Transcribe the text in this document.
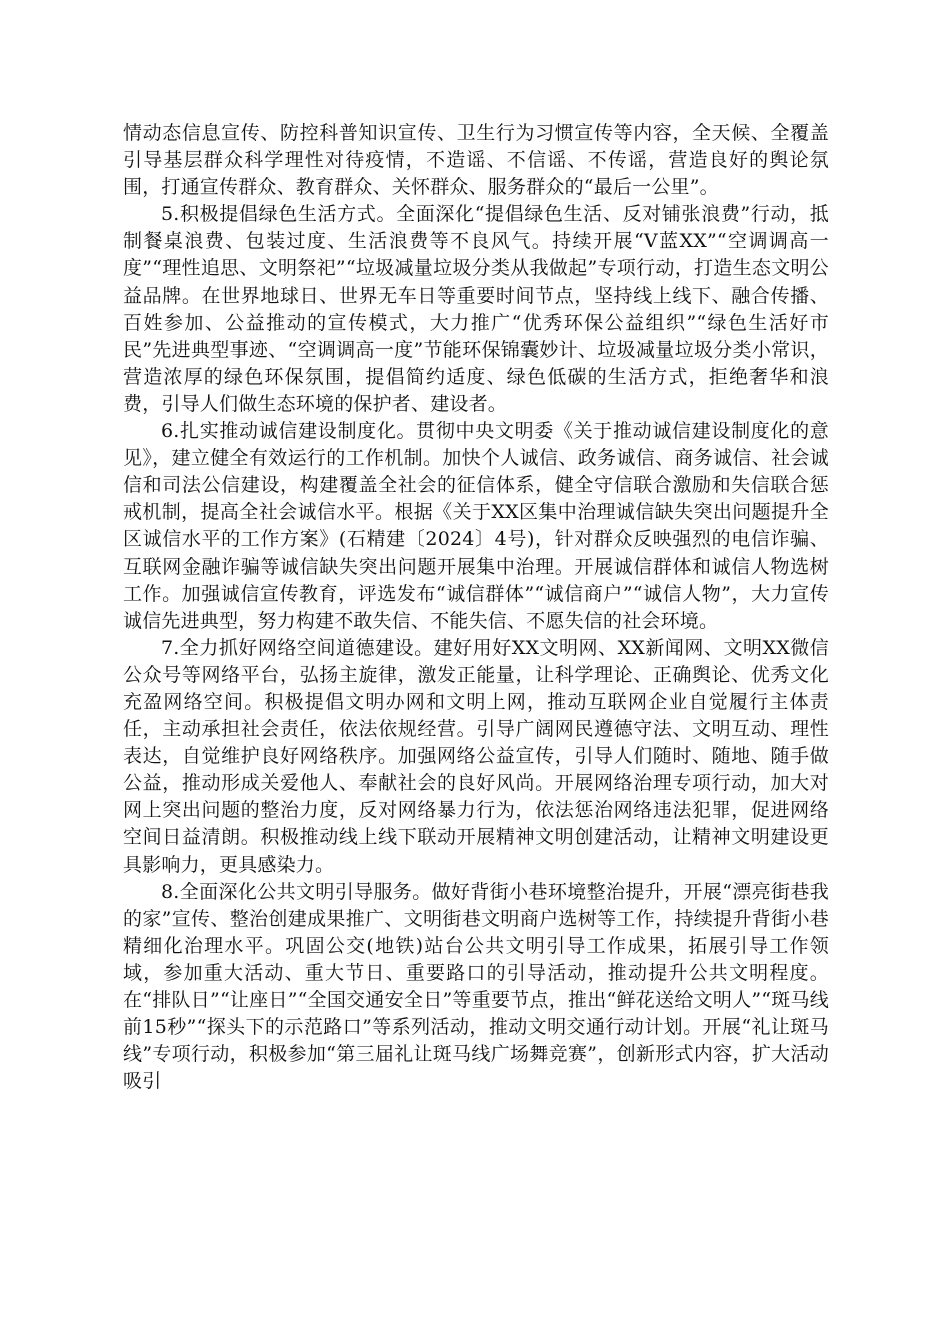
情动态信息宣传、防控科普知识宣传、卫生行为习惯宣传等内容，全天候、全覆盖引导基层群众科学理性对待疫情，不造谣、不信谣、不传谣，营造良好的舆论氛围，打通宣传群众、教育群众、关怀群众、服务群众的“最后一公里”。

5.积极提倡绿色生活方式。全面深化“提倡绿色生活、反对铺张浪费”行动，抵制餐桌浪费、包装过度、生活浪费等不良风气。持续开展“V蓝XX”“空调调高一度”“理性追思、文明祭祀”“垃圾减量垃圾分类从我做起”专项行动，打造生态文明公益品牌。在世界地球日、世界无车日等重要时间节点，坚持线上线下、融合传播、百姓参加、公益推动的宣传模式，大力推广“优秀环保公益组织”“绿色生活好市民”先进典型事迹、“空调调高一度”节能环保锦囊妙计、垃圾减量垃圾分类小常识，营造浓厚的绿色环保氛围，提倡简约适度、绿色低碳的生活方式，拒绝奢华和浪费，引导人们做生态环境的保护者、建设者。

6.扎实推动诚信建设制度化。贯彻中央文明委《关于推动诚信建设制度化的意见》，建立健全有效运行的工作机制。加快个人诚信、政务诚信、商务诚信、社会诚信和司法公信建设，构建覆盖全社会的征信体系，健全守信联合激励和失信联合惩戒机制，提高全社会诚信水平。根据《关于XX区集中治理诚信缺失突出问题提升全区诚信水平的工作方案》(石精建〔2024〕4号)，针对群众反映强烈的电信诈骗、互联网金融诈骗等诚信缺失突出问题开展集中治理。开展诚信群体和诚信人物选树工作。加强诚信宣传教育，评选发布“诚信群体”“诚信商户”“诚信人物”，大力宣传诚信先进典型，努力构建不敢失信、不能失信、不愿失信的社会环境。

7.全力抓好网络空间道德建设。建好用好XX文明网、XX新闻网、文明XX微信公众号等网络平台，弘扬主旋律，激发正能量，让科学理论、正确舆论、优秀文化充盈网络空间。积极提倡文明办网和文明上网，推动互联网企业自觉履行主体责任，主动承担社会责任，依法依规经营。引导广阔网民遵德守法、文明互动、理性表达，自觉维护良好网络秩序。加强网络公益宣传，引导人们随时、随地、随手做公益，推动形成关爱他人、奉献社会的良好风尚。开展网络治理专项行动，加大对网上突出问题的整治力度，反对网络暴力行为，依法惩治网络违法犯罪，促进网络空间日益清朗。积极推动线上线下联动开展精神文明创建活动，让精神文明建设更具影响力，更具感染力。

8.全面深化公共文明引导服务。做好背街小巷环境整治提升，开展“漂亮街巷我的家”宣传、整治创建成果推广、文明街巷文明商户选树等工作，持续提升背街小巷精细化治理水平。巩固公交(地铁)站台公共文明引导工作成果，拓展引导工作领域，参加重大活动、重大节日、重要路口的引导活动，推动提升公共文明程度。在“排队日”“让座日”“全国交通安全日”等重要节点，推出“鲜花送给文明人”“斑马线前15秒”“探头下的示范路口”等系列活动，推动文明交通行动计划。开展“礼让斑马线”专项行动，积极参加“第三届礼让斑马线广场舞竞赛”，创新形式内容，扩大活动吸引
